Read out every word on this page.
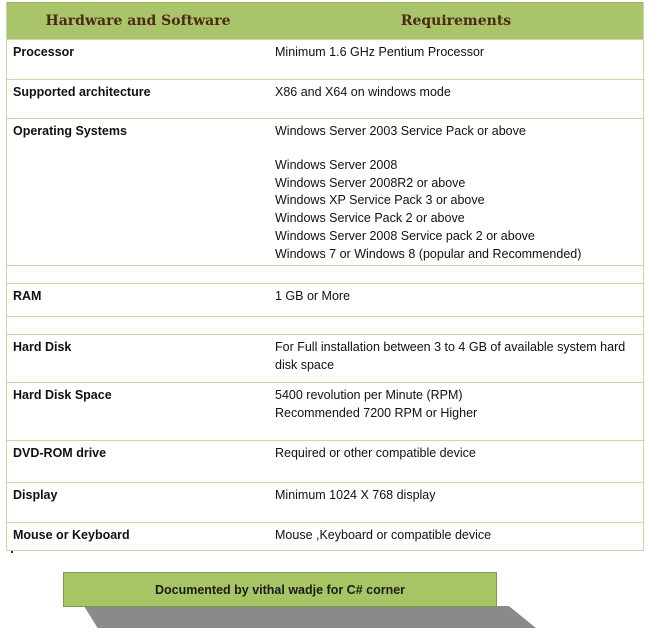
Hardware and Software	Requirements
Processor	Minimum 1.6 GHz Pentium Processor
Supported architecture	X86 and X64 on windows mode
Operating Systems	Windows Server 2003 Service Pack or above
Windows Server 2008
Windows Server 2008R2 or above
Windows XP Service Pack 3 or above
Windows Service Pack 2 or above
Windows Server 2008 Service pack 2 or above
Windows 7 or Windows 8 (popular and Recommended)
RAM	1 GB or More
Hard Disk	For Full installation between 3 to 4 GB of available system hard disk space
Hard Disk Space	5400 revolution per Minute (RPM)
Recommended 7200 RPM or Higher
DVD-ROM drive	Required or other compatible device
Display	Minimum 1024 X 768 display
Mouse or Keyboard	Mouse ,Keyboard or compatible device
Documented by vithal wadje for C# corner
